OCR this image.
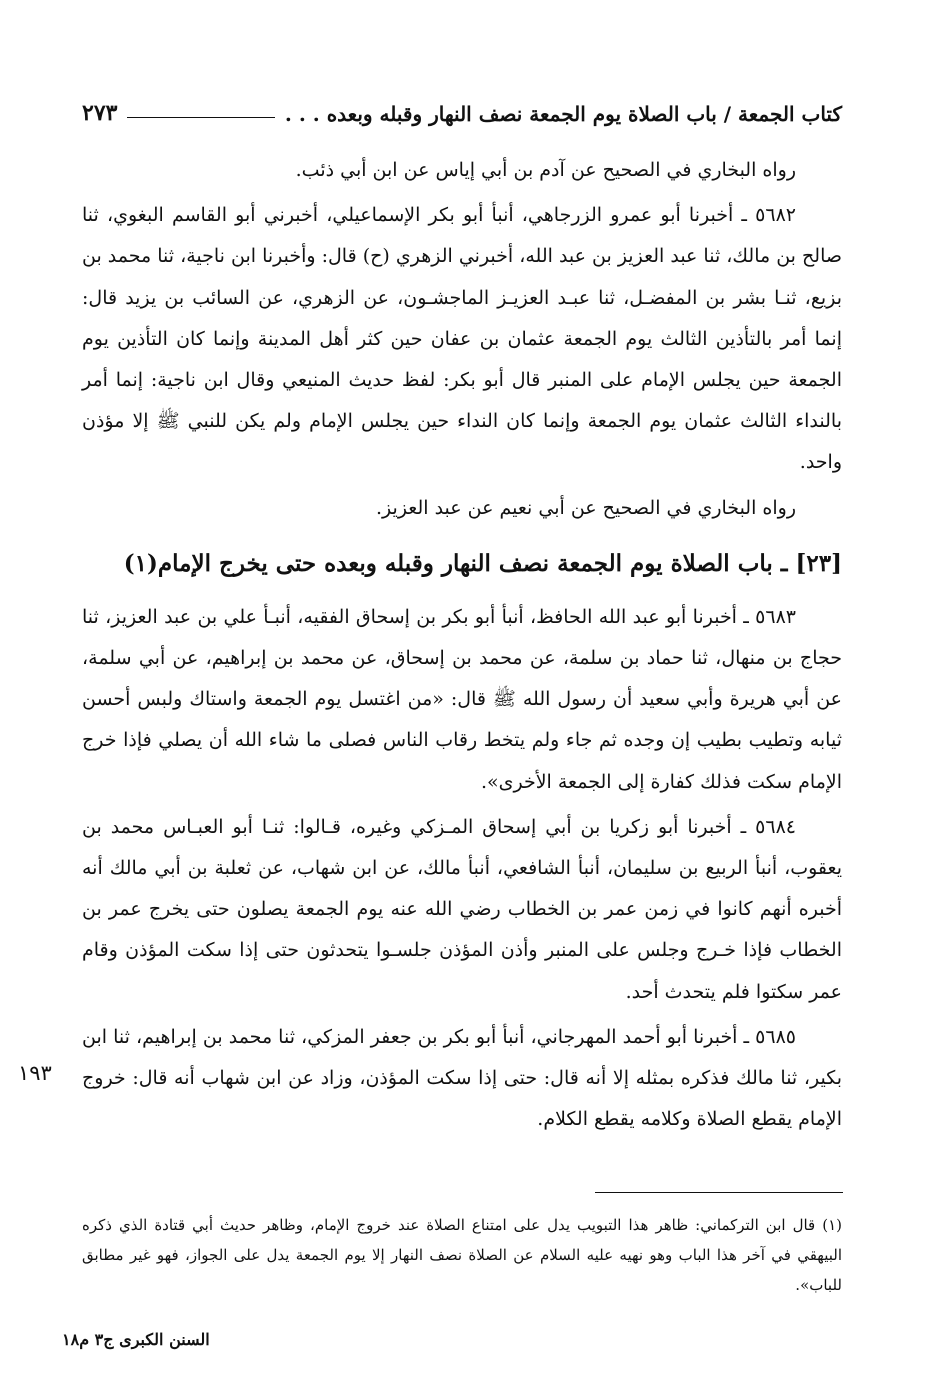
كتاب الجمعة / باب الصلاة يوم الجمعة نصف النهار وقبله وبعده . . .
٢٧٣

رواه البخاري في الصحيح عن آدم بن أبي إياس عن ابن أبي ذئب.

٥٦٨٢ ـ أخبرنا أبو عمرو الزرجاهي، أنبأ أبو بكر الإسماعيلي، أخبرني أبو القاسم البغوي، ثنا صالح بن مالك، ثنا عبد العزيز بن عبد الله، أخبرني الزهري (ح) قال: وأخبرنا ابن ناجية، ثنا محمد بن بزيع، ثنـا بشر بن المفضـل، ثنا عبـد العزيـز الماجشـون، عن الزهري، عن السائب بن يزيد قال: إنما أمر بالتأذين الثالث يوم الجمعة عثمان بن عفان حين كثر أهل المدينة وإنما كان التأذين يوم الجمعة حين يجلس الإمام على المنبر قال أبو بكر: لفظ حديث المنيعي وقال ابن ناجية: إنما أمر بالنداء الثالث عثمان يوم الجمعة وإنما كان النداء حين يجلس الإمام ولم يكن للنبي ﷺ إلا مؤذن واحد.

رواه البخاري في الصحيح عن أبي نعيم عن عبد العزيز.

[٢٣] ـ باب الصلاة يوم الجمعة نصف النهار وقبله وبعده حتى يخرج الإمام(١)

٥٦٨٣ ـ أخبرنا أبو عبد الله الحافظ، أنبأ أبو بكر بن إسحاق الفقيه، أنبـأ علي بن عبد العزيز، ثنا حجاج بن منهال، ثنا حماد بن سلمة، عن محمد بن إسحاق، عن محمد بن إبراهيم، عن أبي سلمة، عن أبي هريرة وأبي سعيد أن رسول الله ﷺ قال: «من اغتسل يوم الجمعة واستاك ولبس أحسن ثيابه وتطيب بطيب إن وجده ثم جاء ولم يتخط رقاب الناس فصلى ما شاء الله أن يصلي فإذا خرج الإمام سكت فذلك كفارة إلى الجمعة الأخرى».

٥٦٨٤ ـ أخبرنا أبو زكريا بن أبي إسحاق المـزكي وغيره، قـالوا: ثنـا أبو العبـاس محمد بن يعقوب، أنبأ الربيع بن سليمان، أنبأ الشافعي، أنبأ مالك، عن ابن شهاب، عن ثعلبة بن أبي مالك أنه أخبره أنهم كانوا في زمن عمر بن الخطاب رضي الله عنه يوم الجمعة يصلون حتى يخرج عمر بن الخطاب فإذا خـرج وجلس على المنبر وأذن المؤذن جلسـوا يتحدثون حتى إذا سكت المؤذن وقام عمر سكتوا فلم يتحدث أحد.

٥٦٨٥ ـ أخبرنا أبو أحمد المهرجاني، أنبأ أبو بكر بن جعفر المزكي، ثنا محمد بن إبراهيم، ثنا ابن بكير، ثنا مالك فذكره بمثله إلا أنه قال: حتى إذا سكت المؤذن، وزاد عن ابن شهاب أنه قال: خروج الإمام يقطع الصلاة وكلامه يقطع الكلام.

١٩٣

(١) قال ابن التركماني: ظاهر هذا التبويب يدل على امتناع الصلاة عند خروج الإمام، وظاهر حديث أبي قتادة الذي ذكره البيهقي في آخر هذا الباب وهو نهيه عليه السلام عن الصلاة نصف النهار إلا يوم الجمعة يدل على الجواز، فهو غير مطابق للباب».

السنن الكبرى ج٣ م١٨
